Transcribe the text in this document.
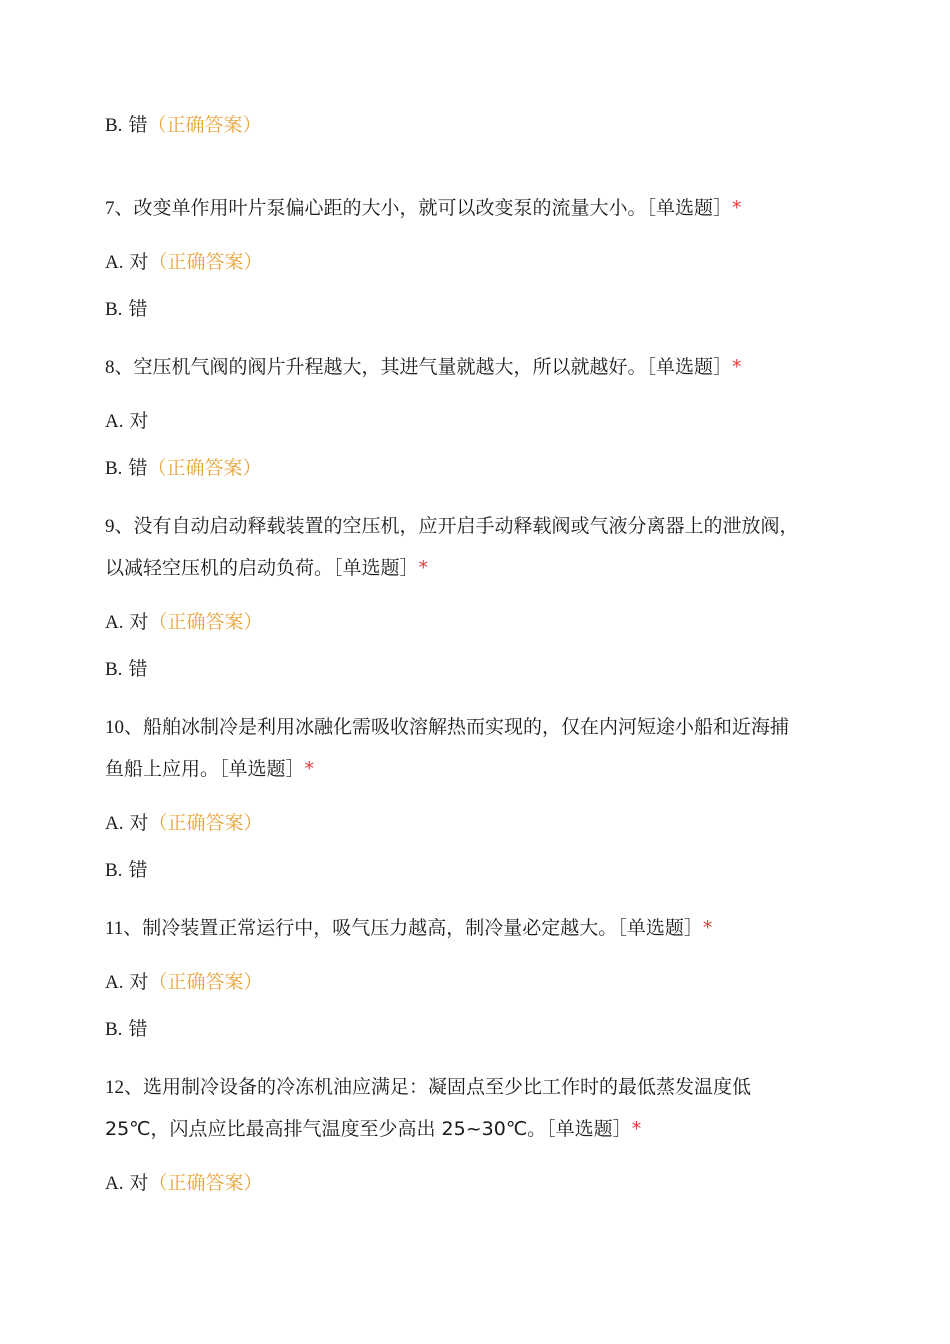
B. 错（正确答案）
7、改变单作用叶片泵偏心距的大小，就可以改变泵的流量大小。［单选题］*
A. 对（正确答案）
B. 错
8、空压机气阀的阀片升程越大，其进气量就越大，所以就越好。［单选题］*
A. 对
B. 错（正确答案）
9、没有自动启动释载装置的空压机，应开启手动释载阀或气液分离器上的泄放阀，
以减轻空压机的启动负荷。［单选题］*
A. 对（正确答案）
B. 错
10、船舶冰制冷是利用冰融化需吸收溶解热而实现的，仅在内河短途小船和近海捕
鱼船上应用。［单选题］*
A. 对（正确答案）
B. 错
11、制冷装置正常运行中，吸气压力越高，制冷量必定越大。［单选题］*
A. 对（正确答案）
B. 错
12、选用制冷设备的冷冻机油应满足：凝固点至少比工作时的最低蒸发温度低
25℃，闪点应比最高排气温度至少高出 25~30℃。［单选题］*
A. 对（正确答案）
